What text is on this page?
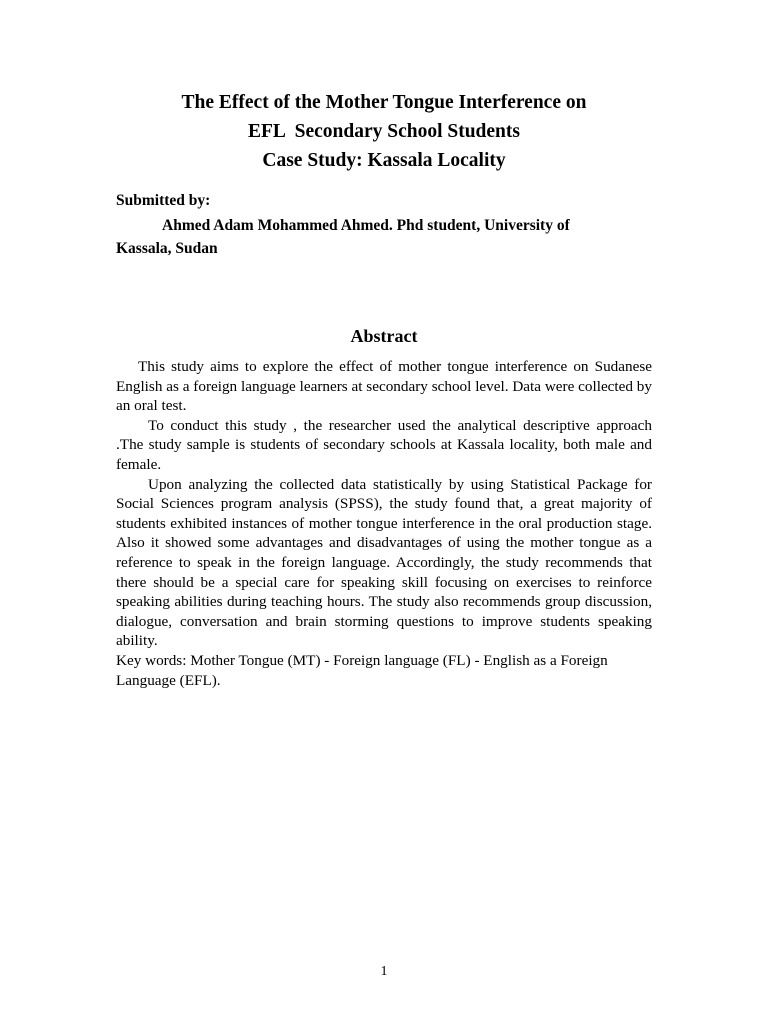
The Effect of the Mother Tongue Interference on
EFL  Secondary School Students
Case Study: Kassala Locality
Submitted by:
Ahmed Adam Mohammed Ahmed. Phd student, University of
Kassala, Sudan
Abstract

This study aims to explore the effect of mother tongue interference on Sudanese English as a foreign language learners at secondary school level. Data were collected by an oral test.

To conduct this study , the researcher used the analytical descriptive approach .The study sample is students of secondary schools at Kassala locality, both male and female.

Upon analyzing the collected data statistically by using Statistical Package for Social Sciences program analysis (SPSS), the study found that, a great majority of students exhibited instances of mother tongue interference in the oral production stage. Also it showed some advantages and disadvantages of using the mother tongue as a reference to speak in the foreign language. Accordingly, the study recommends that there should be a special care for speaking skill focusing on exercises to reinforce speaking abilities during teaching hours. The study also recommends group discussion, dialogue, conversation and brain storming questions to improve students speaking ability.

Key words: Mother Tongue (MT) - Foreign language (FL) - English as a Foreign Language (EFL).

1
